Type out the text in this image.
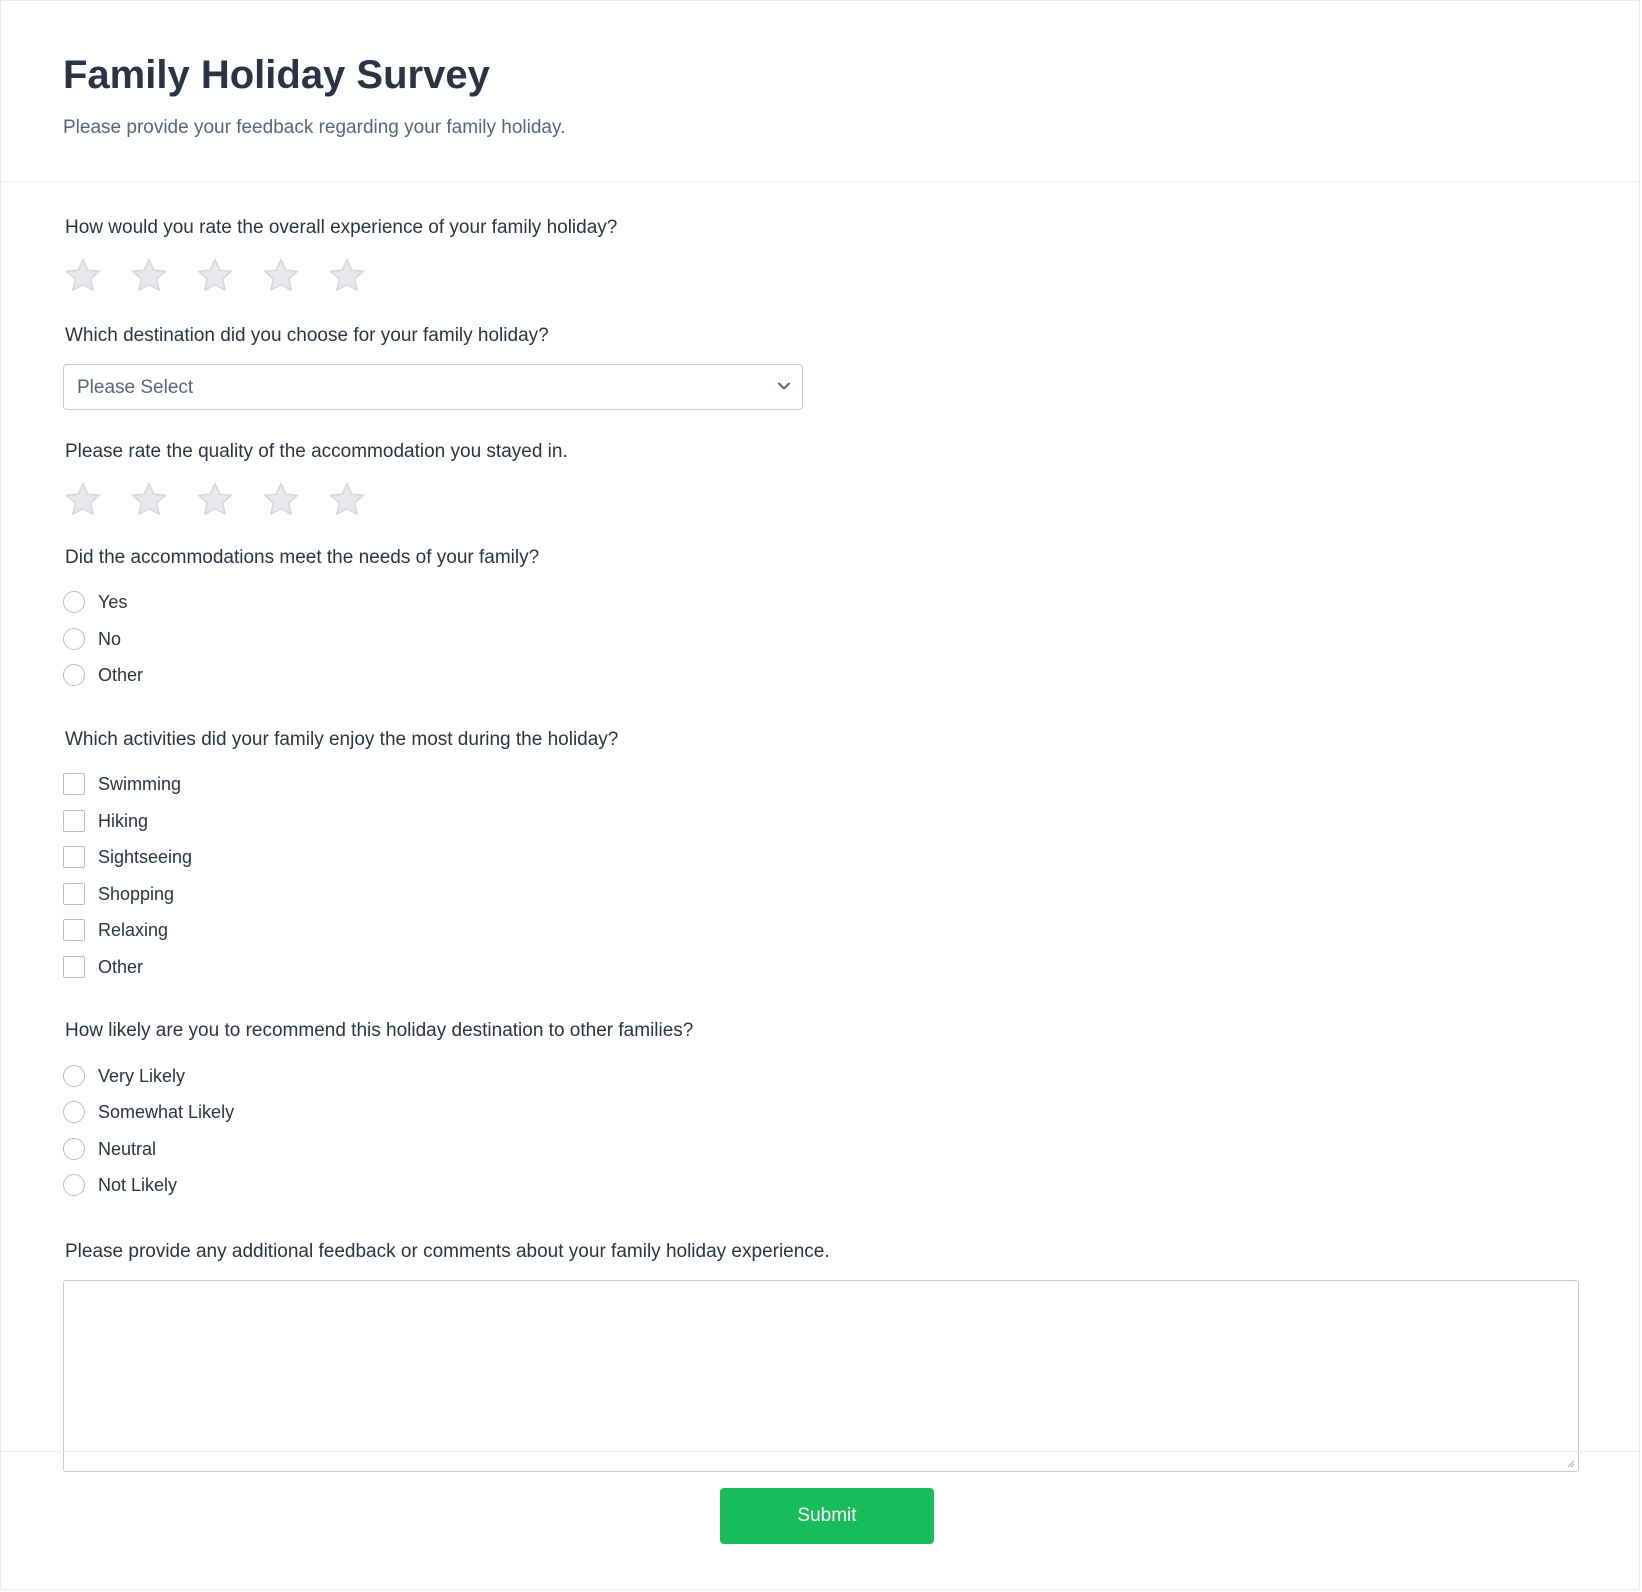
Family Holiday Survey
Please provide your feedback regarding your family holiday.
How would you rate the overall experience of your family holiday?
Which destination did you choose for your family holiday?
Please Select
Please rate the quality of the accommodation you stayed in.
Did the accommodations meet the needs of your family?
Yes
No
Other
Which activities did your family enjoy the most during the holiday?
Swimming
Hiking
Sightseeing
Shopping
Relaxing
Other
How likely are you to recommend this holiday destination to other families?
Very Likely
Somewhat Likely
Neutral
Not Likely
Please provide any additional feedback or comments about your family holiday experience.
Submit
